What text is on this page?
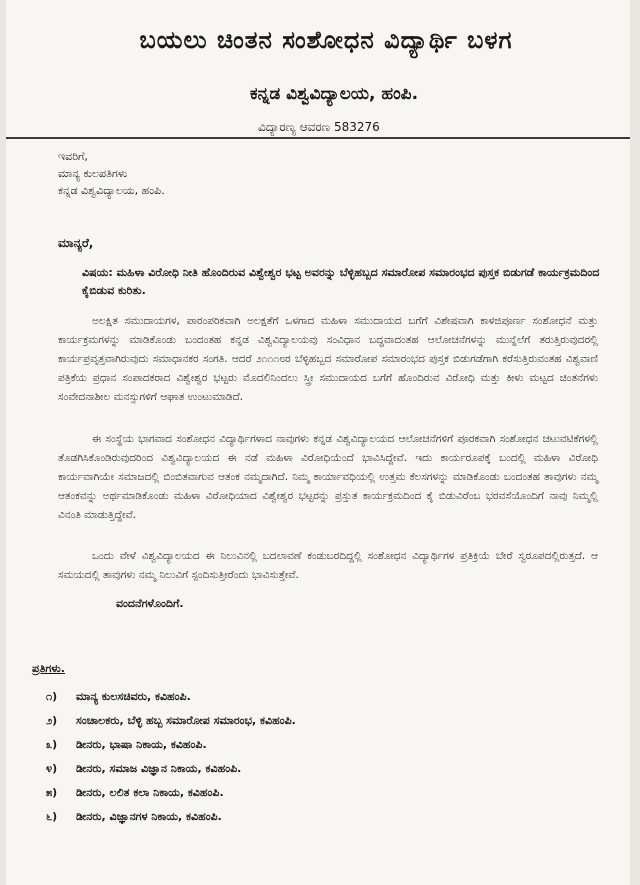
ಬಯಲು ಚಿಂತನ ಸಂಶೋಧನ ವಿದ್ಯಾರ್ಥಿ ಬಳಗ
ಕನ್ನಡ ವಿಶ್ವವಿದ್ಯಾಲಯ, ಹಂಪಿ.
ವಿದ್ಯಾರಣ್ಯ ಆವರಣ 583276
ಇವರಿಗೆ,
ಮಾನ್ಯ ಕುಲಪತಿಗಳು
ಕನ್ನಡ ವಿಶ್ವವಿದ್ಯಾಲಯ, ಹಂಪಿ.
ಮಾನ್ಯರೆ,
ವಿಷಯ: ಮಹಿಳಾ ವಿರೋಧಿ ನೀತಿ ಹೊಂದಿರುವ ವಿಶ್ವೇಶ್ವರ ಭಟ್ಟ ಅವರನ್ನು ಬೆಳ್ಳಿಹಬ್ಬದ ಸಮಾರೋಪ ಸಮಾರಂಭದ ಪುಸ್ತಕ ಬಿಡುಗಡೆ ಕಾರ್ಯಕ್ರಮದಿಂದ ಕೈಬಿಡುವ ಕುರಿತು.
ಅಲಕ್ಷಿತ ಸಮುದಾಯಗಳ, ಪಾರಂಪರಿಕವಾಗಿ ಅಲಕ್ಷತೆಗೆ ಒಳಗಾದ ಮಹಿಳಾ ಸಮುದಾಯದ ಬಗೆಗೆ ವಿಶೇಷವಾಗಿ ಕಾಳಜಿಪೂರ್ಣ ಸಂಶೋಧನೆ ಮತ್ತು ಕಾರ್ಯಕ್ರಮಗಳನ್ನು ಮಾಡಿಕೊಂಡು ಬಂದಂತಹ ಕನ್ನಡ ವಿಶ್ವವಿದ್ಯಾಲಯವು ಸಂವಿಧಾನ ಬದ್ಧವಾದಂತಹ ಆಲೋಚನೆಗಳನ್ನು ಮುನ್ನೆಲೆಗೆ ತರುತ್ತಿರುವುದರಲ್ಲಿ ಕಾರ್ಯಪ್ರವೃತ್ತವಾಗಿರುವುದು ಸಮಾಧಾನಕರ ಸಂಗತಿ. ಆದರೆ ೨೧೧೧೮ರ ಬೆಳ್ಳಿಹಬ್ಬದ ಸಮಾರೋಪ ಸಮಾರಂಭದ ಪುಸ್ತಕ ಬಿಡುಗಡೆಗಾಗಿ ಕರೆಸುತ್ತಿರುವಂತಹ ವಿಶ್ವವಾಣಿ ಪತ್ರಿಕೆಯ ಪ್ರಧಾನ ಸಂಪಾದಕರಾದ ವಿಶ್ವೇಶ್ವರ ಭಟ್ಟರು ಮೊದಲಿನಿಂದಲು ಸ್ತ್ರೀ ಸಮುದಾಯದ ಬಗೆಗೆ ಹೊಂದಿರುವ ವಿರೋಧಿ ಮತ್ತು ಕೀಳು ಮಟ್ಟದ ಚಿಂತನೆಗಳು ಸಂವೇದನಾಶೀಲ ಮನಸ್ಸುಗಳಿಗೆ ಆಘಾತ ಉಂಟುಮಾಡಿದೆ.
ಈ ಸಂಸ್ಥೆಯ ಭಾಗವಾದ ಸಂಶೋಧನ ವಿದ್ಯಾರ್ಥಿಗಳಾದ ನಾವುಗಳು ಕನ್ನಡ ವಿಶ್ವವಿದ್ಯಾಲಯದ ಆಲೋಚನೆಗಳಿಗೆ ಪೂರಕವಾಗಿ ಸಂಶೋಧನ ಚಟುವಟಿಕೆಗಳಲ್ಲಿ ತೊಡಗಿಸಿಕೊಂಡಿರುವುದರಿಂದ ವಿಶ್ವವಿದ್ಯಾಲಯದ ಈ ನಡೆ ಮಹಿಳಾ ವಿರೋಧಿಯೆಂದೆ ಭಾವಿಸಿದ್ದೇವೆ. ಇದು ಕಾರ್ಯರೂಪಕ್ಕೆ ಬಂದಲ್ಲಿ ಮಹಿಳಾ ವಿರೋಧಿ ಕಾರ್ಯವಾಗಿಯೇ ಸಮಾಜದಲ್ಲಿ ಬಿಂಬಿತವಾಗುವ ಆತಂಕ ನಮ್ಮದಾಗಿದೆ. ನಿಮ್ಮ ಕಾರ್ಯಾವಧಿಯಲ್ಲಿ ಉತ್ತಮ ಕೆಲಸಗಳನ್ನು ಮಾಡಿಕೊಂಡು ಬಂದಂತಹ ತಾವುಗಳು ನಮ್ಮ ಆತಂಕವನ್ನು ಅರ್ಥಮಾಡಿಕೊಂಡು ಮಹಿಳಾ ವಿರೋಧಿಯಾದ ವಿಶ್ವೇಶ್ವರ ಭಟ್ಟರನ್ನು ಪ್ರಸ್ತುತ ಕಾರ್ಯಕ್ರಮದಿಂದ ಕೈ ಬಿಡುವಿರೆಂಬ ಭರವಸೆಯೊಂದಿಗೆ ನಾವು ನಿಮ್ಮಲ್ಲಿ ವಿನಂತಿ ಮಾಡುತ್ತಿದ್ದೇವೆ.
ಒಂದು ವೇಳೆ ವಿಶ್ವವಿದ್ಯಾಲಯದ ಈ ನಿಲುವಿನಲ್ಲಿ ಬದಲಾವಣೆ ಕಂಡುಬರದಿದ್ದಲ್ಲಿ ಸಂಶೋಧನ ವಿದ್ಯಾರ್ಥಿಗಳ ಪ್ರತಿಕ್ರಿಯೆ ಬೇರೆ ಸ್ವರೂಪದಲ್ಲಿರುತ್ತದೆ. ಆ ಸಮಯದಲ್ಲಿ ತಾವುಗಳು ನಮ್ಮ ನಿಲುವಿಗೆ ಸ್ಪಂದಿಸುತ್ತೀರೆಂದು ಭಾವಿಸುತ್ತೇವೆ.
ವಂದನೆಗಳೊಂದಿಗೆ.
ಪ್ರತಿಗಳು.
೧)	ಮಾನ್ಯ ಕುಲಸಚಿವರು, ಕವಿಹಂಪಿ.
೨)	ಸಂಚಾಲಕರು, ಬೆಳ್ಳಿ ಹಬ್ಬ ಸಮಾರೋಪ ಸಮಾರಂಭ, ಕವಿಹಂಪಿ.
೩)	ಡೀನರು, ಭಾಷಾ ನಿಕಾಯ, ಕವಿಹಂಪಿ.
೪)	ಡೀನರು, ಸಮಾಜ ವಿಜ್ಞಾನ ನಿಕಾಯ, ಕವಿಹಂಪಿ.
೫)	ಡೀನರು, ಲಲಿತ ಕಲಾ ನಿಕಾಯ, ಕವಿಹಂಪಿ.
೬)	ಡೀನರು, ವಿಜ್ಞಾನಗಳ ನಿಕಾಯ, ಕವಿಹಂಪಿ.
